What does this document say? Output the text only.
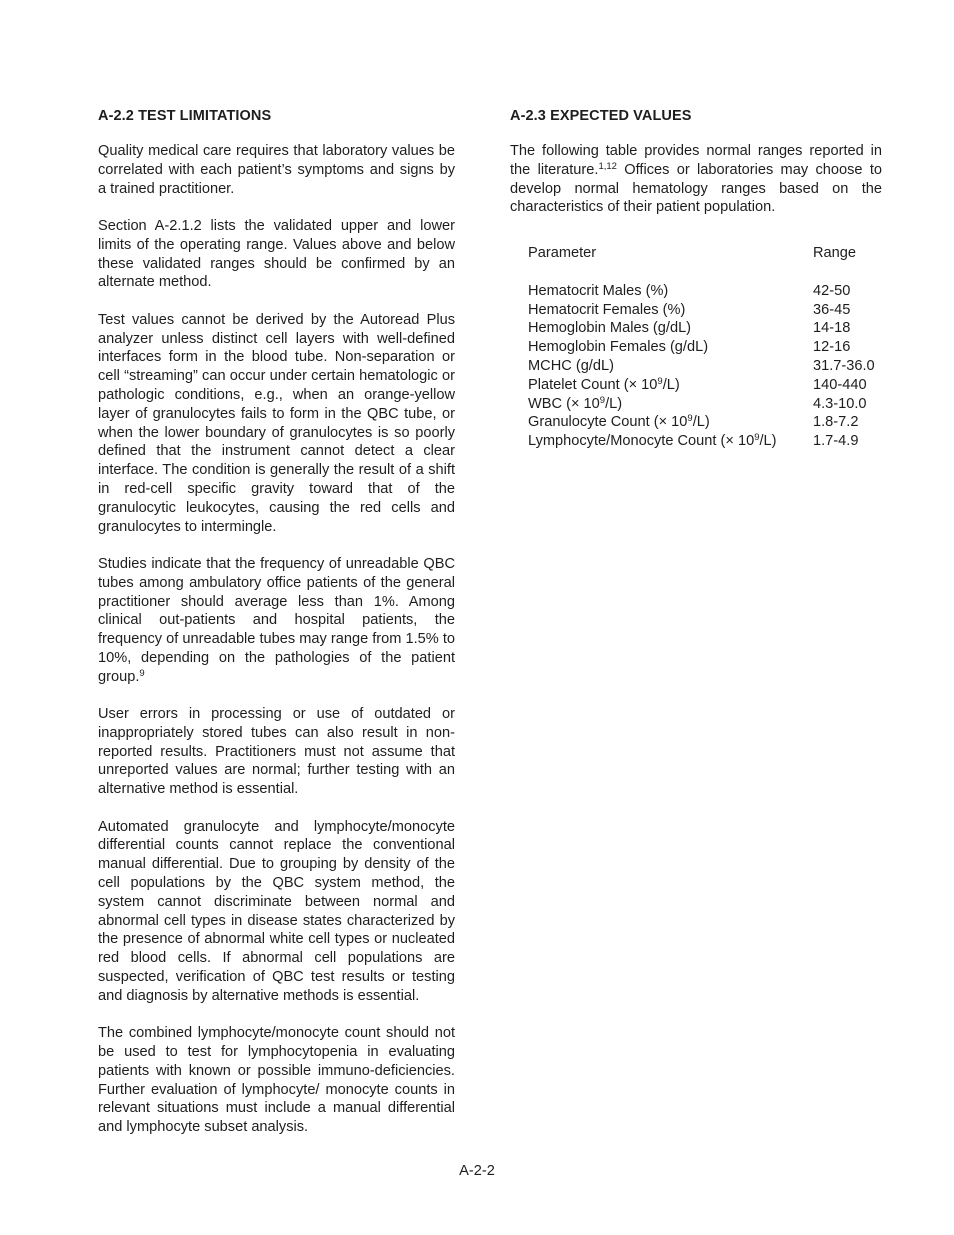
A-2.2 TEST LIMITATIONS

Quality medical care requires that laboratory values be correlated with each patient’s symptoms and signs by a trained practitioner.

Section A-2.1.2 lists the validated upper and lower limits of the operating range. Values above and below these validated ranges should be confirmed by an alternate method.

Test values cannot be derived by the Autoread Plus analyzer unless distinct cell layers with well-defined interfaces form in the blood tube. Non-separation or cell “streaming” can occur under certain hematologic or pathologic conditions, e.g., when an orange-yellow layer of granulocytes fails to form in the QBC tube, or when the lower boundary of granulocytes is so poorly defined that the instrument cannot detect a clear interface. The condition is generally the result of a shift in red-cell specific gravity toward that of the granulocytic leukocytes, causing the red cells and granulocytes to intermingle.

Studies indicate that the frequency of unreadable QBC tubes among ambulatory office patients of the general practitioner should average less than 1%. Among clinical out-patients and hospital patients, the frequency of unreadable tubes may range from 1.5% to 10%, depending on the pathologies of the patient group.$^9$

User errors in processing or use of outdated or inappropriately stored tubes can also result in non-reported results. Practitioners must not assume that unreported values are normal; further testing with an alternative method is essential.

Automated granulocyte and lymphocyte/monocyte differential counts cannot replace the conventional manual differential. Due to grouping by density of the cell populations by the QBC system method, the system cannot discriminate between normal and abnormal cell types in disease states characterized by the presence of abnormal white cell types or nucleated red blood cells. If abnormal cell populations are suspected, verification of QBC test results or testing and diagnosis by alternative methods is essential.

The combined lymphocyte/monocyte count should not be used to test for lymphocytopenia in evaluating patients with known or possible immuno-deficiencies. Further evaluation of lymphocyte/ monocyte counts in relevant situations must include a manual differential and lymphocyte subset analysis.

A-2.3 EXPECTED VALUES

The following table provides normal ranges reported in the literature.$^{1,12}$ Offices or laboratories may choose to develop normal hematology ranges based on the characteristics of their patient population.

Parameter	Range
Hematocrit Males (%)	42-50
Hematocrit Females (%)	36-45
Hemoglobin Males (g/dL)	14-18
Hemoglobin Females (g/dL)	12-16
MCHC (g/dL)	31.7-36.0
Platelet Count (× $10^9/L$)	140-440
WBC (× $10^9/L$)	4.3-10.0
Granulocyte Count (× $10^9/L$)	1.8-7.2
Lymphocyte/Monocyte Count (× $10^9/L$)	1.7-4.9
A-2-2
